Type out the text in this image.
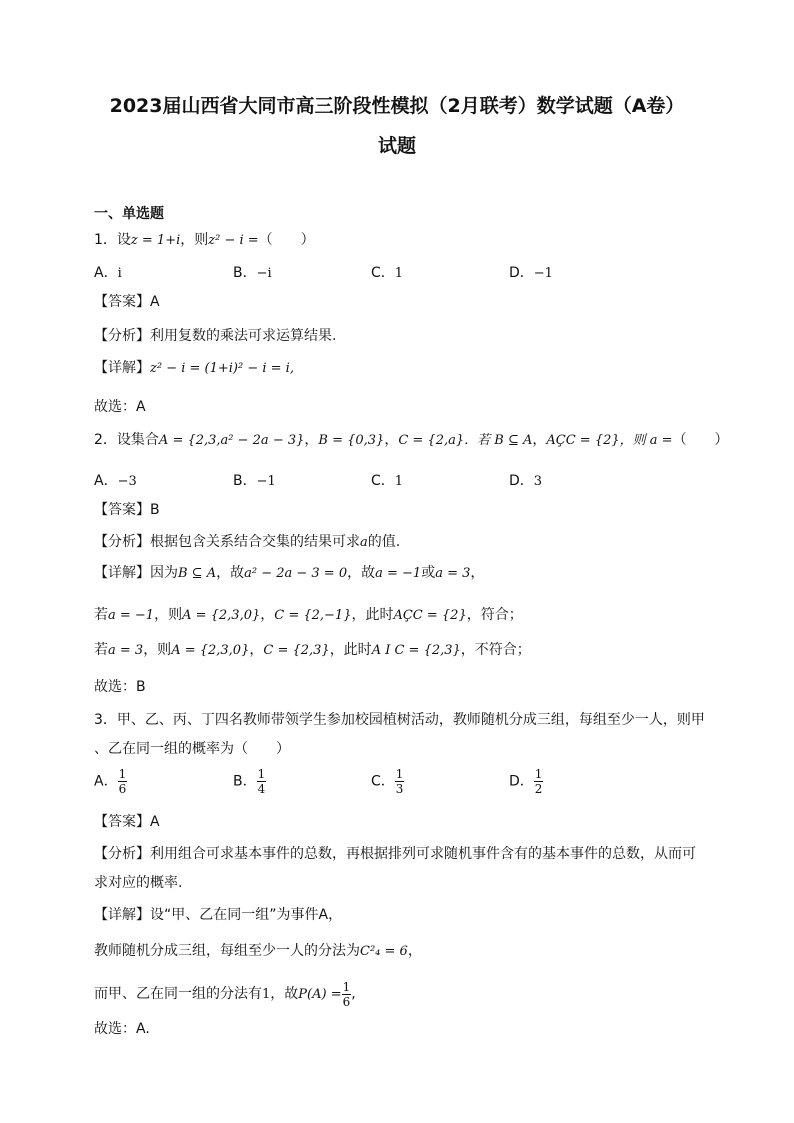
2023届山西省大同市高三阶段性模拟（2月联考）数学试题（A卷）
试题
一、单选题
1．设z = 1+i，则z² − i =（　　）
A．i	B．−i	C．1	D．−1
【答案】A
【分析】利用复数的乘法可求运算结果.
【详解】z² − i = (1+i)² − i = i,
故选：A
2．设集合A = {2,3,a² − 2a − 3}，B = {0,3}，C = {2,a}．若 B ⊆ A，AÇC = {2}，则 a =（　　）
A．−3	B．−1	C．1	D．3
【答案】B
【分析】根据包含关系结合交集的结果可求a的值.
【详解】因为B ⊆ A，故a² − 2a − 3 = 0，故a = −1或a = 3，
若a = −1，则A = {2,3,0}，C = {2,−1}，此时AÇC = {2}，符合；
若a = 3，则A = {2,3,0}，C = {2,3}，此时A I C = {2,3}，不符合；
故选：B
3．甲、乙、丙、丁四名教师带领学生参加校园植树活动，教师随机分成三组，每组至少一人，则甲
、乙在同一组的概率为（　　）
A． $\frac{1}{6}$	B． $\frac{1}{4}$	C． $\frac{1}{3}$	D． $\frac{1}{2}$
【答案】A
【分析】利用组合可求基本事件的总数，再根据排列可求随机事件含有的基本事件的总数，从而可
求对应的概率.
【详解】设“甲、乙在同一组”为事件A，
教师随机分成三组，每组至少一人的分法为C²₄ = 6，
而甲、乙在同一组的分法有1，故$P(A) = \frac{1}{6}$ ,
故选：A.
